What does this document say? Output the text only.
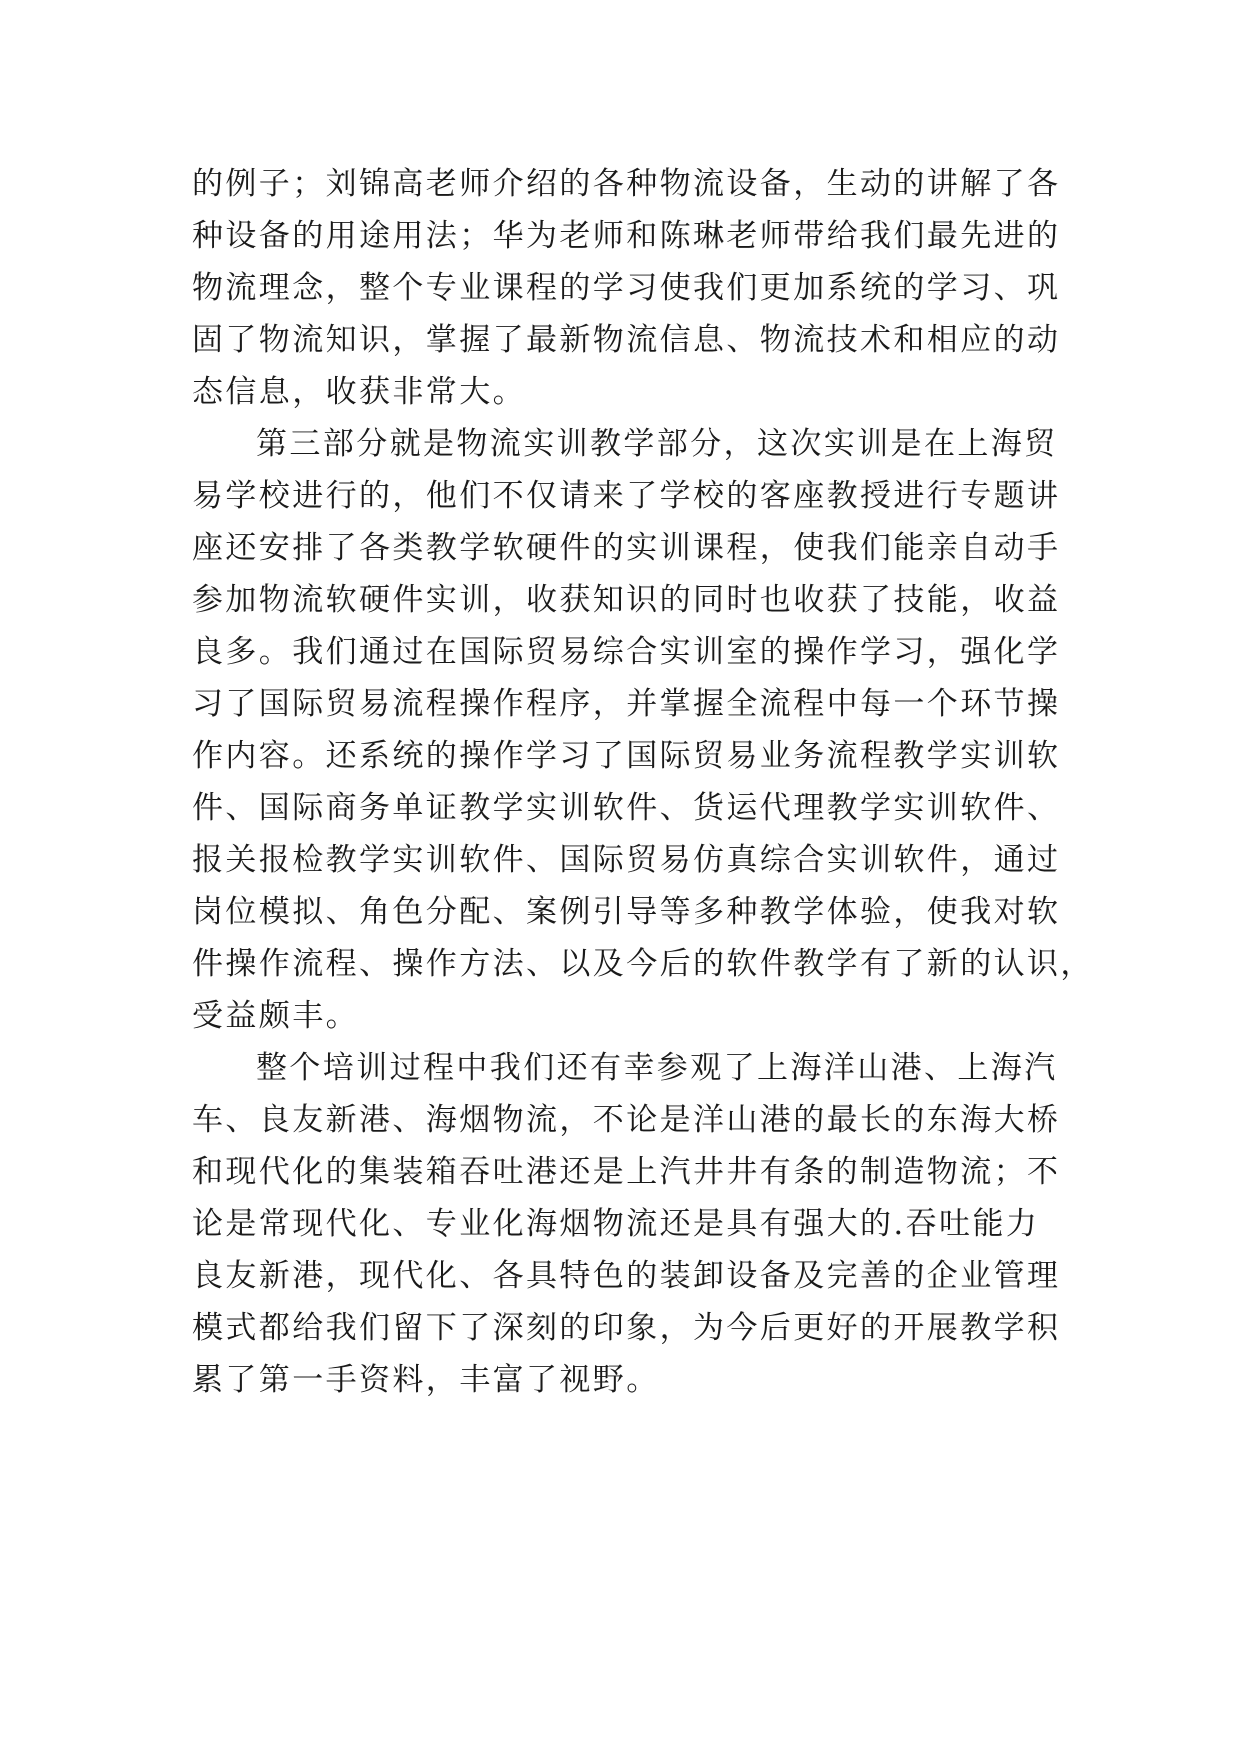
的例子；刘锦高老师介绍的各种物流设备，生动的讲解了各
种设备的用途用法；华为老师和陈琳老师带给我们最先进的
物流理念，整个专业课程的学习使我们更加系统的学习、巩
固了物流知识，掌握了最新物流信息、物流技术和相应的动
态信息，收获非常大。
第三部分就是物流实训教学部分，这次实训是在上海贸
易学校进行的，他们不仅请来了学校的客座教授进行专题讲
座还安排了各类教学软硬件的实训课程，使我们能亲自动手
参加物流软硬件实训，收获知识的同时也收获了技能，收益
良多。我们通过在国际贸易综合实训室的操作学习，强化学
习了国际贸易流程操作程序，并掌握全流程中每一个环节操
作内容。还系统的操作学习了国际贸易业务流程教学实训软
件、国际商务单证教学实训软件、货运代理教学实训软件、
报关报检教学实训软件、国际贸易仿真综合实训软件，通过
岗位模拟、角色分配、案例引导等多种教学体验，使我对软
件操作流程、操作方法、以及今后的软件教学有了新的认识，
受益颇丰。
整个培训过程中我们还有幸参观了上海洋山港、上海汽
车、良友新港、海烟物流，不论是洋山港的最长的东海大桥
和现代化的集装箱吞吐港还是上汽井井有条的制造物流；不
论是常现代化、专业化海烟物流还是具有强大的.吞吐能力
良友新港，现代化、各具特色的装卸设备及完善的企业管理
模式都给我们留下了深刻的印象，为今后更好的开展教学积
累了第一手资料，丰富了视野。
